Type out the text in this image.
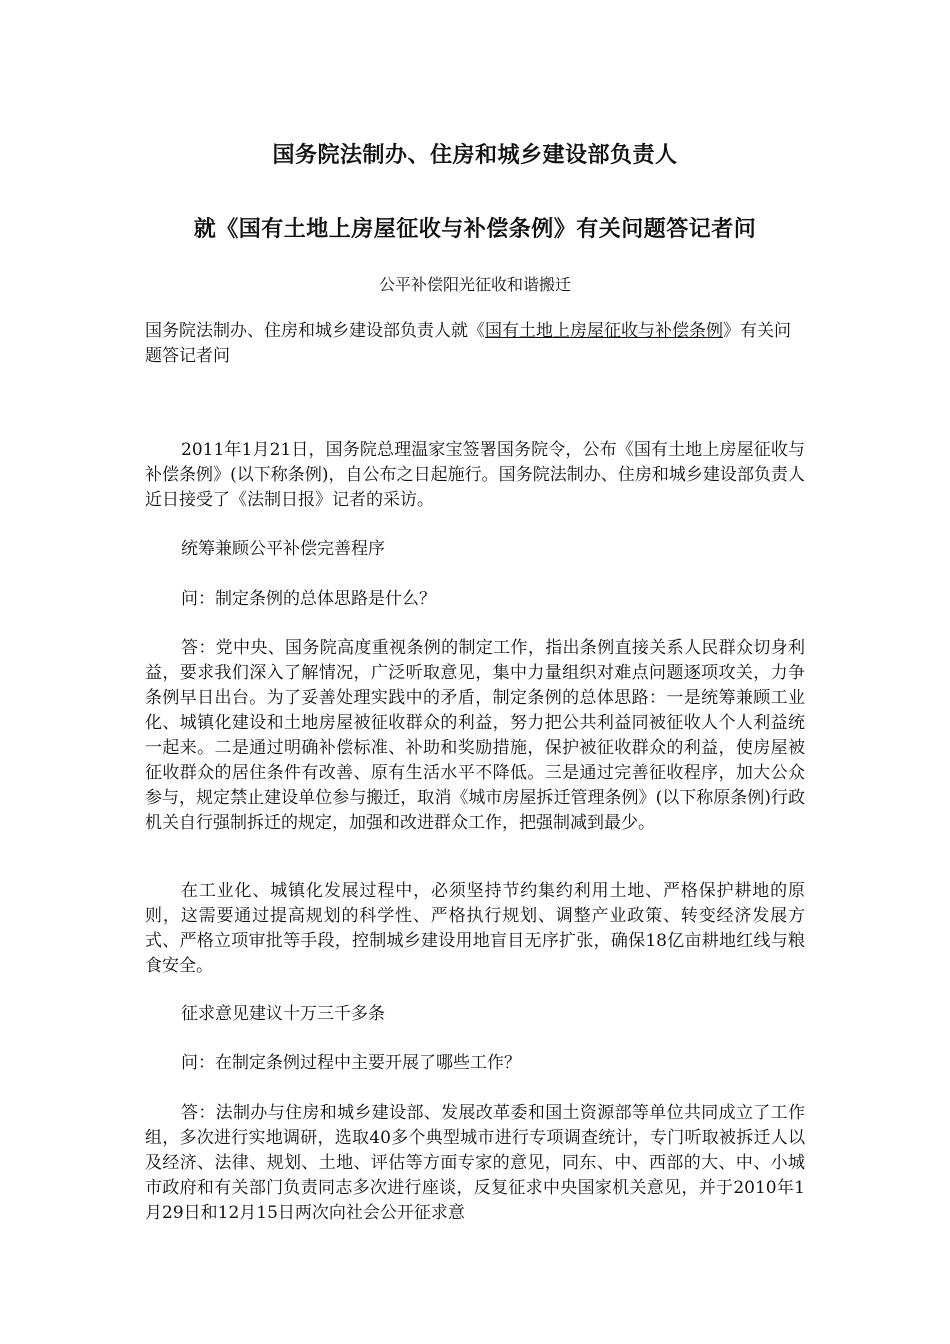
国务院法制办、住房和城乡建设部负责人
就《国有土地上房屋征收与补偿条例》有关问题答记者问

公平补偿阳光征收和谐搬迁

国务院法制办、住房和城乡建设部负责人就《国有土地上房屋征收与补偿条例》有关问题答记者问

2011年1月21日，国务院总理温家宝签署国务院令，公布《国有土地上房屋征收与补偿条例》(以下称条例)，自公布之日起施行。国务院法制办、住房和城乡建设部负责人近日接受了《法制日报》记者的采访。

统筹兼顾公平补偿完善程序

问：制定条例的总体思路是什么？

答：党中央、国务院高度重视条例的制定工作，指出条例直接关系人民群众切身利益，要求我们深入了解情况，广泛听取意见，集中力量组织对难点问题逐项攻关，力争条例早日出台。为了妥善处理实践中的矛盾，制定条例的总体思路：一是统筹兼顾工业化、城镇化建设和土地房屋被征收群众的利益，努力把公共利益同被征收人个人利益统一起来。二是通过明确补偿标准、补助和奖励措施，保护被征收群众的利益，使房屋被征收群众的居住条件有改善、原有生活水平不降低。三是通过完善征收程序，加大公众参与，规定禁止建设单位参与搬迁，取消《城市房屋拆迁管理条例》(以下称原条例)行政机关自行强制拆迁的规定，加强和改进群众工作，把强制减到最少。

在工业化、城镇化发展过程中，必须坚持节约集约利用土地、严格保护耕地的原则，这需要通过提高规划的科学性、严格执行规划、调整产业政策、转变经济发展方式、严格立项审批等手段，控制城乡建设用地盲目无序扩张，确保18亿亩耕地红线与粮食安全。

征求意见建议十万三千多条

问：在制定条例过程中主要开展了哪些工作？

答：法制办与住房和城乡建设部、发展改革委和国土资源部等单位共同成立了工作组，多次进行实地调研，选取40多个典型城市进行专项调查统计，专门听取被拆迁人以及经济、法律、规划、土地、评估等方面专家的意见，同东、中、西部的大、中、小城市政府和有关部门负责同志多次进行座谈，反复征求中央国家机关意见，并于2010年1月29日和12月15日两次向社会公开征求意
